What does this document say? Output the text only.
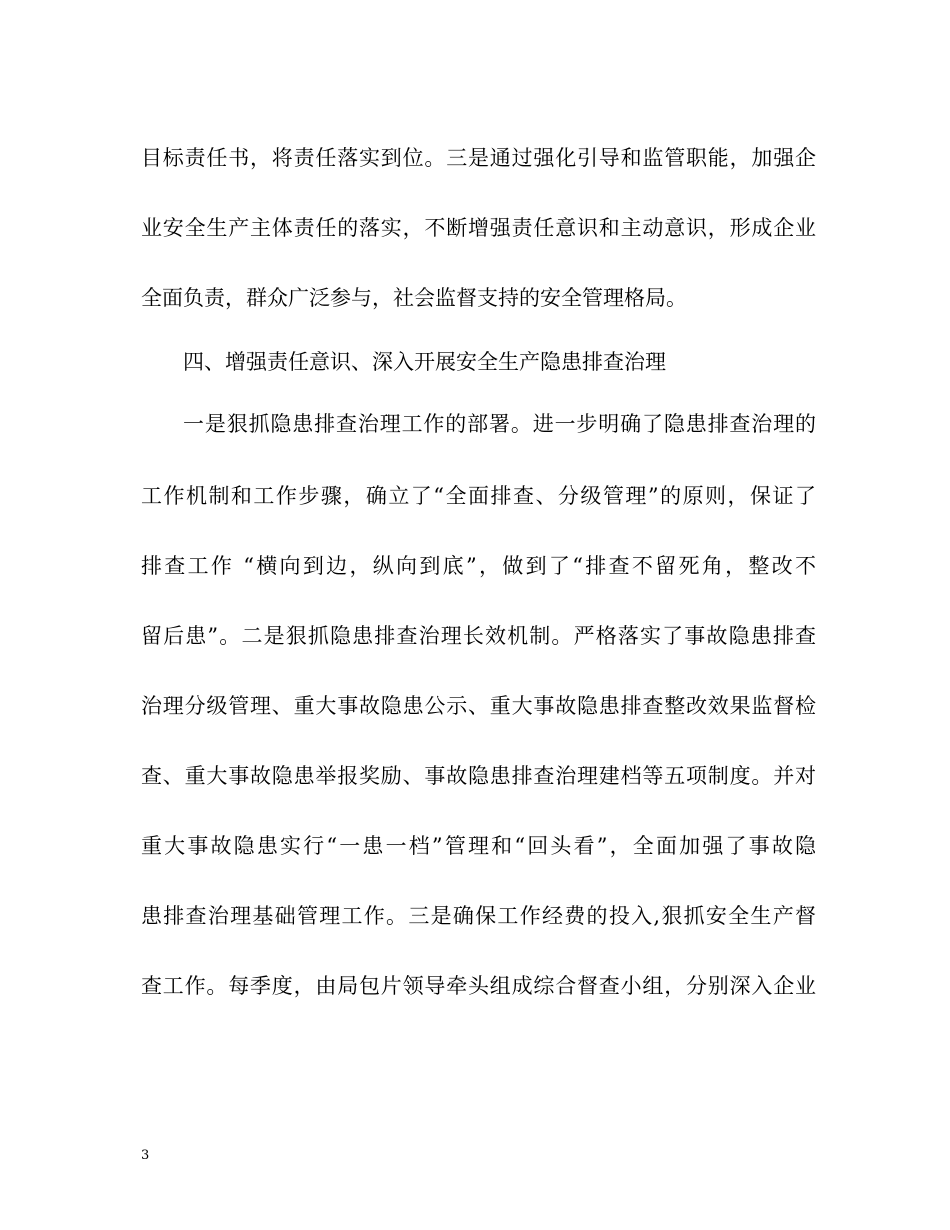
目标责任书，将责任落实到位。三是通过强化引导和监管职能，加强企
业安全生产主体责任的落实，不断增强责任意识和主动意识，形成企业
全面负责，群众广泛参与，社会监督支持的安全管理格局。
四、增强责任意识、深入开展安全生产隐患排查治理
一是狠抓隐患排查治理工作的部署。进一步明确了隐患排查治理的
工作机制和工作步骤，确立了“全面排查、分级管理”的原则，保证了
排查工作 “横向到边，纵向到底”，做到了“排查不留死角，整改不
留后患”。二是狠抓隐患排查治理长效机制。严格落实了事故隐患排查
治理分级管理、重大事故隐患公示、重大事故隐患排查整改效果监督检
查、重大事故隐患举报奖励、事故隐患排查治理建档等五项制度。并对
重大事故隐患实行“一患一档”管理和“回头看”，全面加强了事故隐
患排查治理基础管理工作。三是确保工作经费的投入,狠抓安全生产督
查工作。每季度，由局包片领导牵头组成综合督查小组，分别深入企业
3
